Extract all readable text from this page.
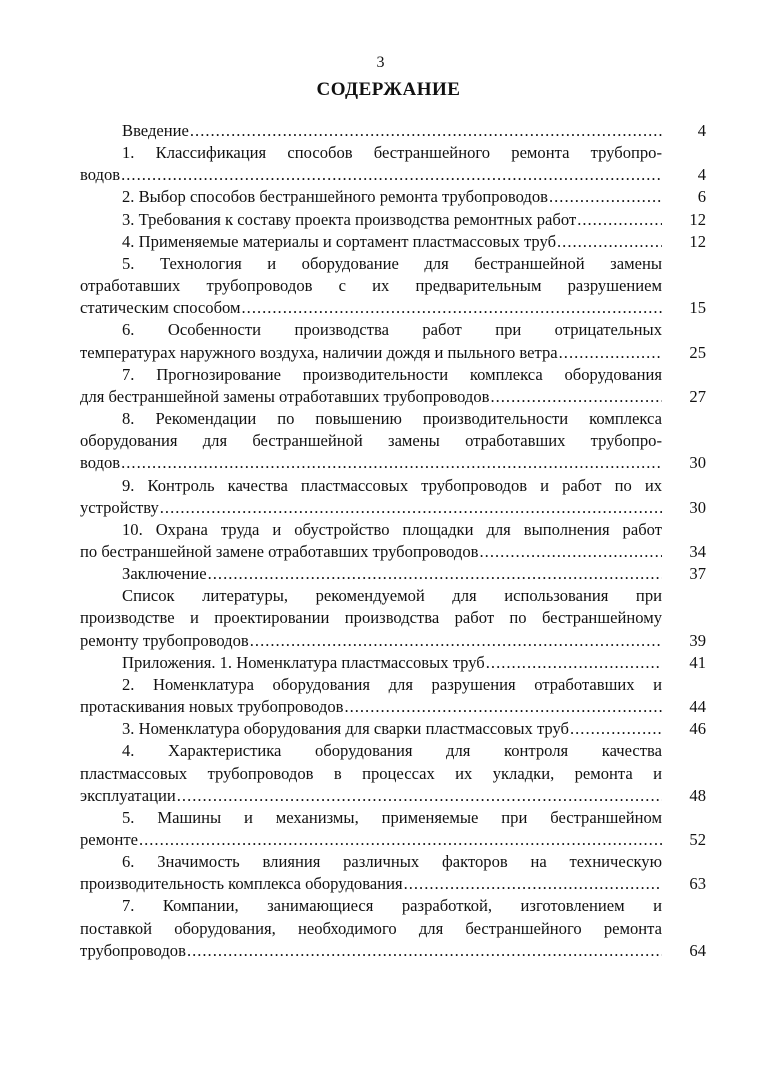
3
СОДЕРЖАНИЕ
Введение .....	4
1. Классификация способов бестраншейного ремонта трубопро-
водов .....	4
2. Выбор способов бестраншейного ремонта трубопроводов .....	6
3. Требования к составу проекта производства ремонтных работ .....	12
4. Применяемые материалы и сортамент пластмассовых труб .....	12
5. Технология и оборудование для бестраншейной замены
отработавших трубопроводов с их предварительным разрушением
статическим способом .....	15
6. Особенности производства работ при отрицательных
температурах наружного воздуха, наличии дождя и пыльного ветра .....	25
7. Прогнозирование производительности комплекса оборудования
для бестраншейной замены отработавших трубопроводов .....	27
8. Рекомендации по повышению производительности комплекса
оборудования для бестраншейной замены отработавших трубопро-
водов .....	30
9. Контроль качества пластмассовых трубопроводов и работ по их
устройству .....	30
10. Охрана труда и обустройство площадки для выполнения работ
по бестраншейной замене отработавших трубопроводов .....	34
Заключение .....	37
Список литературы, рекомендуемой для использования при
производстве и проектировании производства работ по бестраншейному
ремонту трубопроводов .....	39
Приложения. 1. Номенклатура пластмассовых труб .....	41
2. Номенклатура оборудования для разрушения отработавших и
протаскивания новых трубопроводов .....	44
3. Номенклатура оборудования для сварки пластмассовых труб .....	46
4. Характеристика оборудования для контроля качества
пластмассовых трубопроводов в процессах их укладки, ремонта и
эксплуатации .....	48
5. Машины и механизмы, применяемые при бестраншейном
ремонте .....	52
6. Значимость влияния различных факторов на техническую
производительность комплекса оборудования .....	63
7. Компании, занимающиеся разработкой, изготовлением и
поставкой оборудования, необходимого для бестраншейного ремонта
трубопроводов .....	64
